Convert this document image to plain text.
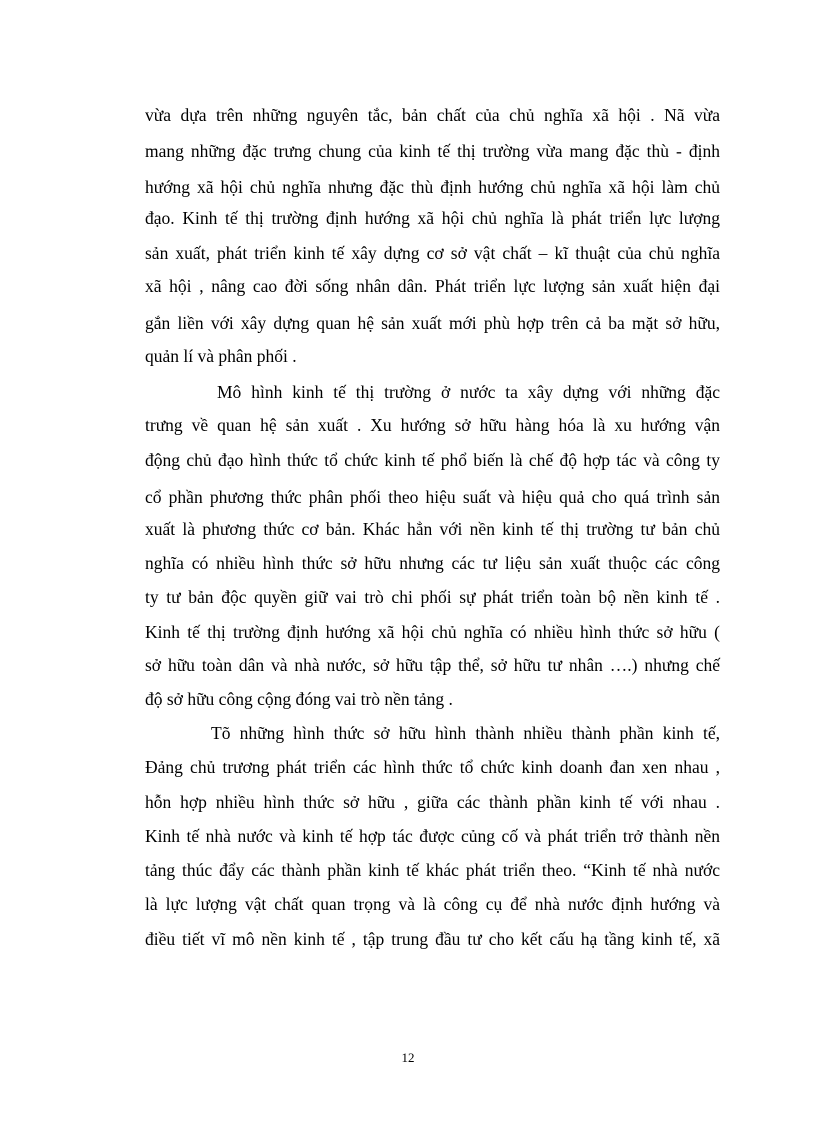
vừa dựa trên những nguyên tắc, bản chất của chủ nghĩa xã hội . Nã vừa
mang những đặc trưng chung của kinh tế thị trường vừa mang đặc thù - định
hướng xã hội chủ nghĩa nhưng đặc thù định hướng chủ nghĩa xã hội làm chủ
đạo. Kinh tế thị trường định hướng xã hội chủ nghĩa là phát triển lực lượng
sản xuất, phát triển kinh tế xây dựng cơ sở vật chất – kĩ thuật của chủ nghĩa
xã hội , nâng cao đời sống nhân dân. Phát triển lực lượng sản xuất hiện đại
gắn liền với xây dựng quan hệ sản xuất mới phù hợp trên cả ba mặt sở hữu,
quản lí và phân phối .
Mô hình kinh tế thị trường ở nước ta xây dựng với những đặc
trưng về quan hệ sản xuất . Xu hướng sở hữu hàng hóa là xu hướng vận
động chủ đạo hình thức tổ chức kinh tế phổ biến là chế độ hợp tác và công ty
cổ phần phương thức phân phối theo hiệu suất và hiệu quả cho quá trình sản
xuất là phương thức cơ bản. Khác hẳn với nền kinh tế thị trường tư bản chủ
nghĩa có nhiều hình thức sở hữu nhưng các tư liệu sản xuất thuộc các công
ty tư bản độc quyền giữ vai trò chi phối sự phát triển toàn bộ nền kinh tế .
Kinh tế thị trường định hướng xã hội chủ nghĩa có nhiều hình thức sở hữu (
sở hữu toàn dân và nhà nước, sở hữu tập thể, sở hữu tư nhân ….) nhưng chế
độ sở hữu công cộng đóng vai trò nền tảng .
Tõ những hình thức sở hữu hình thành nhiều thành phần kinh tế,
Đảng chủ trương phát triển các hình thức tổ chức kinh doanh đan xen nhau ,
hỗn hợp nhiều hình thức sở hữu , giữa các thành phần kinh tế với nhau .
Kinh tế nhà nước và kinh tế hợp tác được củng cố và phát triển trở thành nền
tảng thúc đẩy các thành phần kinh tế khác phát triển theo. “Kinh tế nhà nước
là lực lượng vật chất quan trọng và là công cụ để nhà nước định hướng và
điều tiết vĩ mô nền kinh tế , tập trung đầu tư cho kết cấu hạ tầng kinh tế, xã
12
